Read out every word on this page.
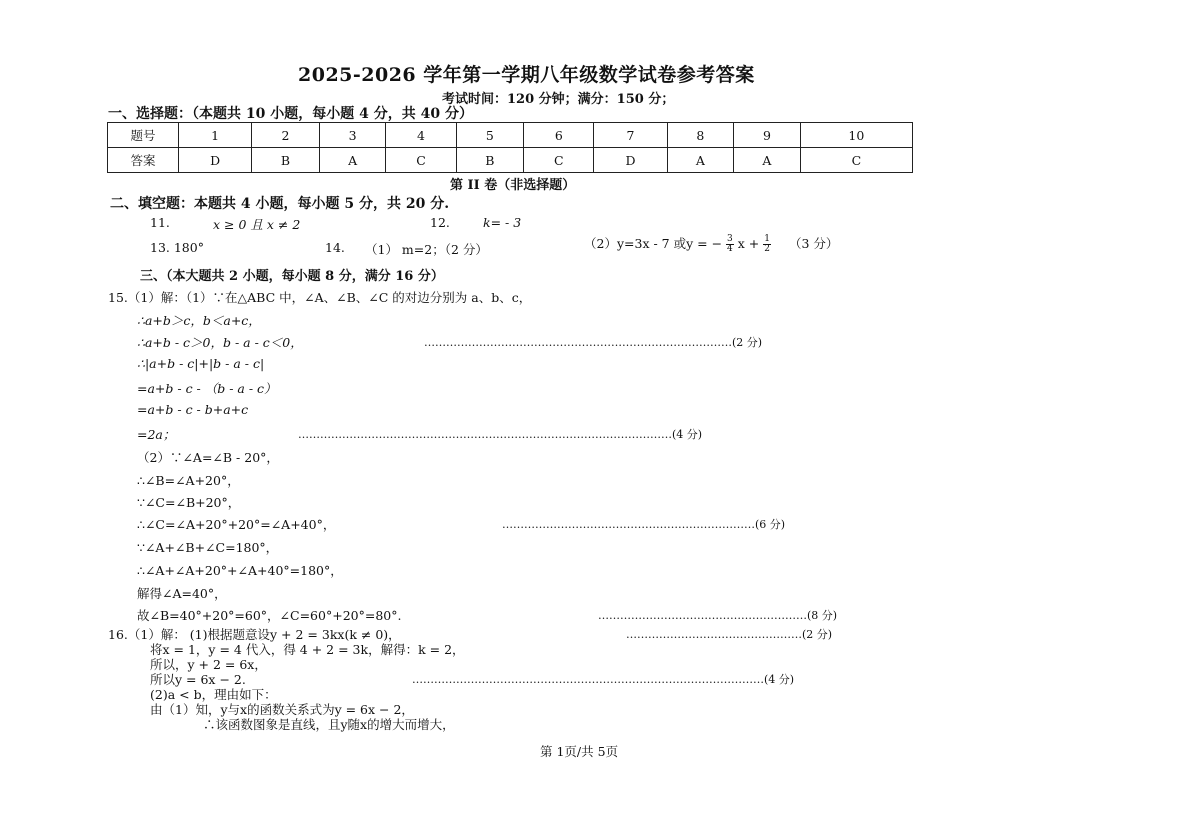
2025-2026 学年第一学期八年级数学试卷参考答案
考试时间：120 分钟；满分：150 分；
一、选择题：（本题共 10 小题，每小题 4 分，共 40 分）
题号	1	2	3	4	5	6	7	8	9	10
答案	D	B	A	C	B	C	D	A	A	C
第 II 卷（非选择题）
二、填空题：本题共 4 小题，每小题 5 分，共 20 分.
11.	x ≥ 0 且 x ≠ 2	12.	k= - 3
13. 180°	14. （1） m=2；（2 分）	（2）y=3x - 7 或y = − $\frac{3}{4}$ $x + \frac{1}{2} (3$ 分）
三、（本大题共 2 小题，每小题 8 分，满分 16 分）
15.（1）解：（1）∵在△ABC 中，∠A、∠B、∠C 的对边分别为 a、b、c，
∴a+b＞c，b＜a+c，
∴a+b - c＞0，b - a - c＜0，	…………………………………………………………………………(2 分)
∴|a+b - c|+|b - a - c|
=a+b - c - （b - a - c）
=a+b - c - b+a+c
=2a；	…………………………………………………………………………………………(4 分)
（2）∵∠A=∠B - 20°，
∴∠B=∠A+20°，
∵∠C=∠B+20°，
∴∠C=∠A+20°+20°=∠A+40°，	……………………………………………………………(6 分)
∵∠A+∠B+∠C=180°，
∴∠A+∠A+20°+∠A+40°=180°，
解得∠A=40°，
故∠B=40°+20°=60°，∠C=60°+20°=80°.	…………………………………………………(8 分)
16.（1）解： (1)根据题意设y + 2 = 3kx(k ≠ 0)，	…………………………………………(2 分)
将x = 1，y = 4 代入，得 4 + 2 = 3k，解得：k = 2，
所以，y + 2 = 6x，
所以y = 6x − 2.	……………………………………………………………………………………(4 分)
(2)a < b，理由如下：
由（1）知，y与x的函数关系式为y = 6x − 2，
∴该函数图象是直线，且y随x的增大而增大，
第 1页/共 5页
